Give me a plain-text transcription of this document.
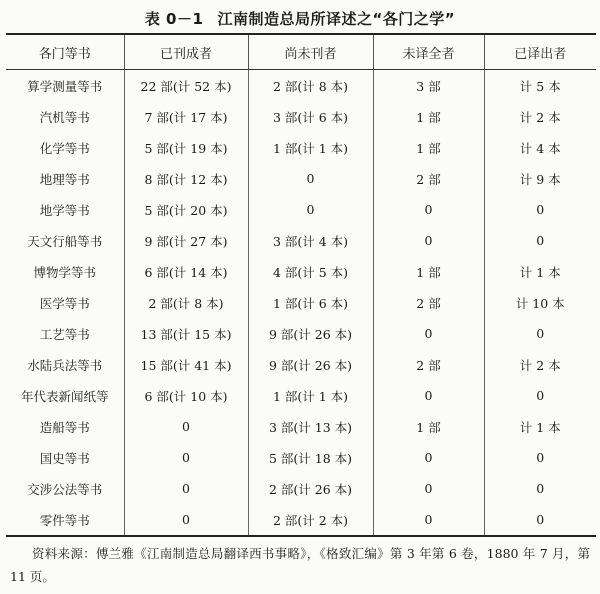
表 0－1 江南制造总局所译述之“各门之学”
各门等书	已刊成者	尚未刊者	未译全者	已译出者
算学测量等书	22 部(计 52 本)	2 部(计 8 本)	3 部	计 5 本
汽机等书	7 部(计 17 本)	3 部(计 6 本)	1 部	计 2 本
化学等书	5 部(计 19 本)	1 部(计 1 本)	1 部	计 4 本
地理等书	8 部(计 12 本)	0	2 部	计 9 本
地学等书	5 部(计 20 本)	0	0	0
天文行船等书	9 部(计 27 本)	3 部(计 4 本)	0	0
博物学等书	6 部(计 14 本)	4 部(计 5 本)	1 部	计 1 本
医学等书	2 部(计 8 本)	1 部(计 6 本)	2 部	计 10 本
工艺等书	13 部(计 15 本)	9 部(计 26 本)	0	0
水陆兵法等书	15 部(计 41 本)	9 部(计 26 本)	2 部	计 2 本
年代表新闻纸等	6 部(计 10 本)	1 部(计 1 本)	0	0
造船等书	0	3 部(计 13 本)	1 部	计 1 本
国史等书	0	5 部(计 18 本)	0	0
交涉公法等书	0	2 部(计 26 本)	0	0
零件等书	0	2 部(计 2 本)	0	0
资料来源：傅兰雅《江南制造总局翻译西书事略》，《格致汇编》第 3 年第 6 卷，1880 年 7 月，第 11 页。
